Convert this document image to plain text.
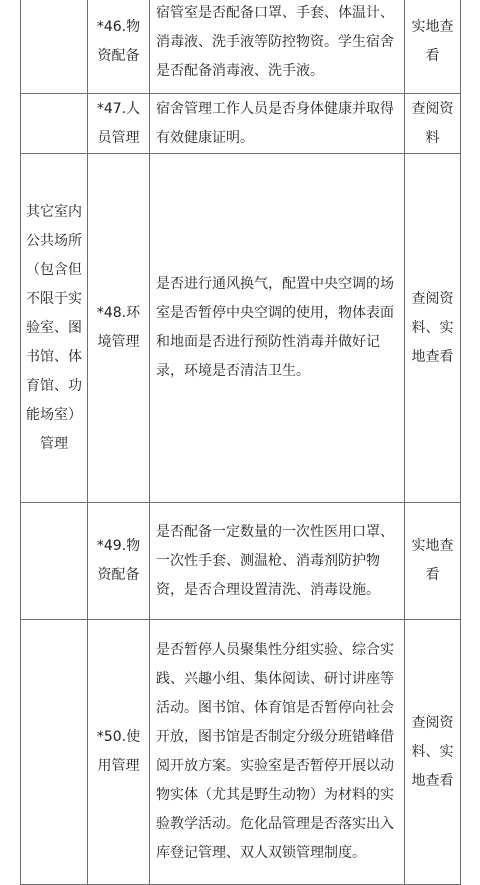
	*46.物资配备	宿管室是否配备口罩、手套、体温计、消毒液、洗手液等防控物资。学生宿舍是否配备消毒液、洗手液。	实地查看
	*47.人员管理	宿舍管理工作人员是否身体健康并取得有效健康证明。	查阅资料
其它室内公共场所（包含但不限于实验室、图书馆、体育馆、功能场室）管理	*48.环境管理	是否进行通风换气，配置中央空调的场室是否暂停中央空调的使用，物体表面和地面是否进行预防性消毒并做好记录，环境是否清洁卫生。	查阅资料、实地查看
	*49.物资配备	是否配备一定数量的一次性医用口罩、一次性手套、测温枪、消毒剂防护物资，是否合理设置清洗、消毒设施。	实地查看
	*50.使用管理	是否暂停人员聚集性分组实验、综合实践、兴趣小组、集体阅读、研讨讲座等活动。图书馆、体育馆是否暂停向社会开放，图书馆是否制定分级分班错峰借阅开放方案。实验室是否暂停开展以动物实体（尤其是野生动物）为材料的实验教学活动。危化品管理是否落实出入库登记管理、双人双锁管理制度。	查阅资料、实地查看
